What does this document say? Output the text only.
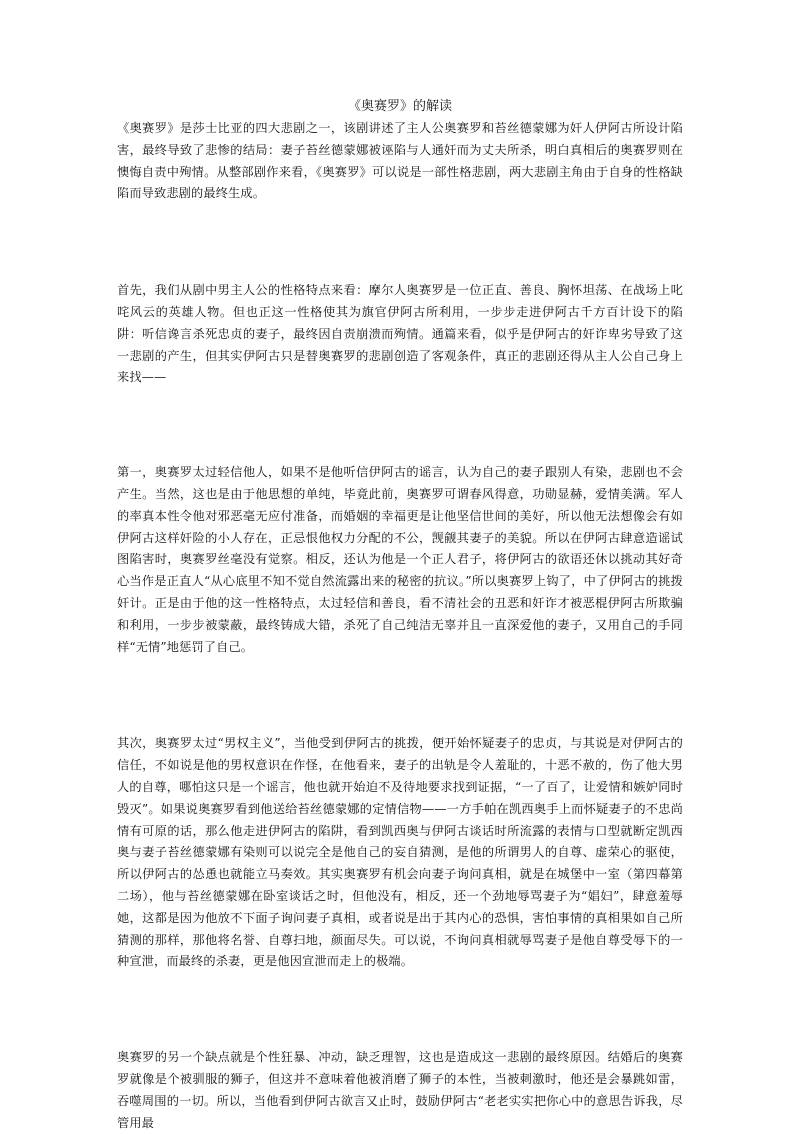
《奥赛罗》的解读

《奥赛罗》是莎士比亚的四大悲剧之一，该剧讲述了主人公奥赛罗和苔丝德蒙娜为奸人伊阿古所设计陷害，最终导致了悲惨的结局：妻子苔丝德蒙娜被诬陷与人通奸而为丈夫所杀，明白真相后的奥赛罗则在懊悔自责中殉情。从整部剧作来看，《奥赛罗》可以说是一部性格悲剧，两大悲剧主角由于自身的性格缺陷而导致悲剧的最终生成。

首先，我们从剧中男主人公的性格特点来看：摩尔人奥赛罗是一位正直、善良、胸怀坦荡、在战场上叱咤风云的英雄人物。但也正这一性格使其为旗官伊阿古所利用，一步步走进伊阿古千方百计设下的陷阱：听信谗言杀死忠贞的妻子，最终因自责崩溃而殉情。通篇来看，似乎是伊阿古的奸诈卑劣导致了这一悲剧的产生，但其实伊阿古只是替奥赛罗的悲剧创造了客观条件，真正的悲剧还得从主人公自己身上来找——

第一，奥赛罗太过轻信他人，如果不是他听信伊阿古的谣言，认为自己的妻子跟别人有染，悲剧也不会产生。当然，这也是由于他思想的单纯，毕竟此前，奥赛罗可谓春风得意，功勋显赫，爱情美满。军人的率真本性令他对邪恶毫无应付准备，而婚姻的幸福更是让他坚信世间的美好，所以他无法想像会有如伊阿古这样奸险的小人存在，正忌恨他权力分配的不公，觊觎其妻子的美貌。所以在伊阿古肆意造谣试图陷害时，奥赛罗丝毫没有觉察。相反，还认为他是一个正人君子，将伊阿古的欲语还休以挑动其好奇心当作是正直人“从心底里不知不觉自然流露出来的秘密的抗议。”所以奥赛罗上钩了，中了伊阿古的挑拨奸计。正是由于他的这一性格特点，太过轻信和善良，看不清社会的丑恶和奸诈才被恶棍伊阿古所欺骗和利用，一步步被蒙蔽，最终铸成大错，杀死了自己纯洁无辜并且一直深爱他的妻子，又用自己的手同样“无情”地惩罚了自己。

其次，奥赛罗太过“男权主义”，当他受到伊阿古的挑拨，便开始怀疑妻子的忠贞，与其说是对伊阿古的信任，不如说是他的男权意识在作怪，在他看来，妻子的出轨是令人羞耻的，十恶不赦的，伤了他大男人的自尊，哪怕这只是一个谣言，他也就开始迫不及待地要求找到证据，“一了百了，让爱情和嫉妒同时毁灭”。如果说奥赛罗看到他送给苔丝德蒙娜的定情信物——一方手帕在凯西奥手上而怀疑妻子的不忠尚情有可原的话，那么他走进伊阿古的陷阱，看到凯西奥与伊阿古谈话时所流露的表情与口型就断定凯西奥与妻子苔丝德蒙娜有染则可以说完全是他自己的妄自猜测，是他的所谓男人的自尊、虚荣心的驱使，所以伊阿古的怂恿也就能立马奏效。其实奥赛罗有机会向妻子询问真相，就是在城堡中一室（第四幕第二场），他与苔丝德蒙娜在卧室谈话之时，但他没有，相反，还一个劲地辱骂妻子为“娼妇”，肆意羞辱她，这都是因为他放不下面子询问妻子真相，或者说是出于其内心的恐惧，害怕事情的真相果如自己所猜测的那样，那他将名誉、自尊扫地，颜面尽失。可以说，不询问真相就辱骂妻子是他自尊受辱下的一种宣泄，而最终的杀妻，更是他因宣泄而走上的极端。

奥赛罗的另一个缺点就是个性狂暴、冲动，缺乏理智，这也是造成这一悲剧的最终原因。结婚后的奥赛罗就像是个被驯服的狮子，但这并不意味着他被消磨了狮子的本性，当被刺激时，他还是会暴跳如雷，吞噬周围的一切。所以，当他看到伊阿古欲言又止时，鼓励伊阿古“老老实实把你心中的意思告诉我，尽管用最
